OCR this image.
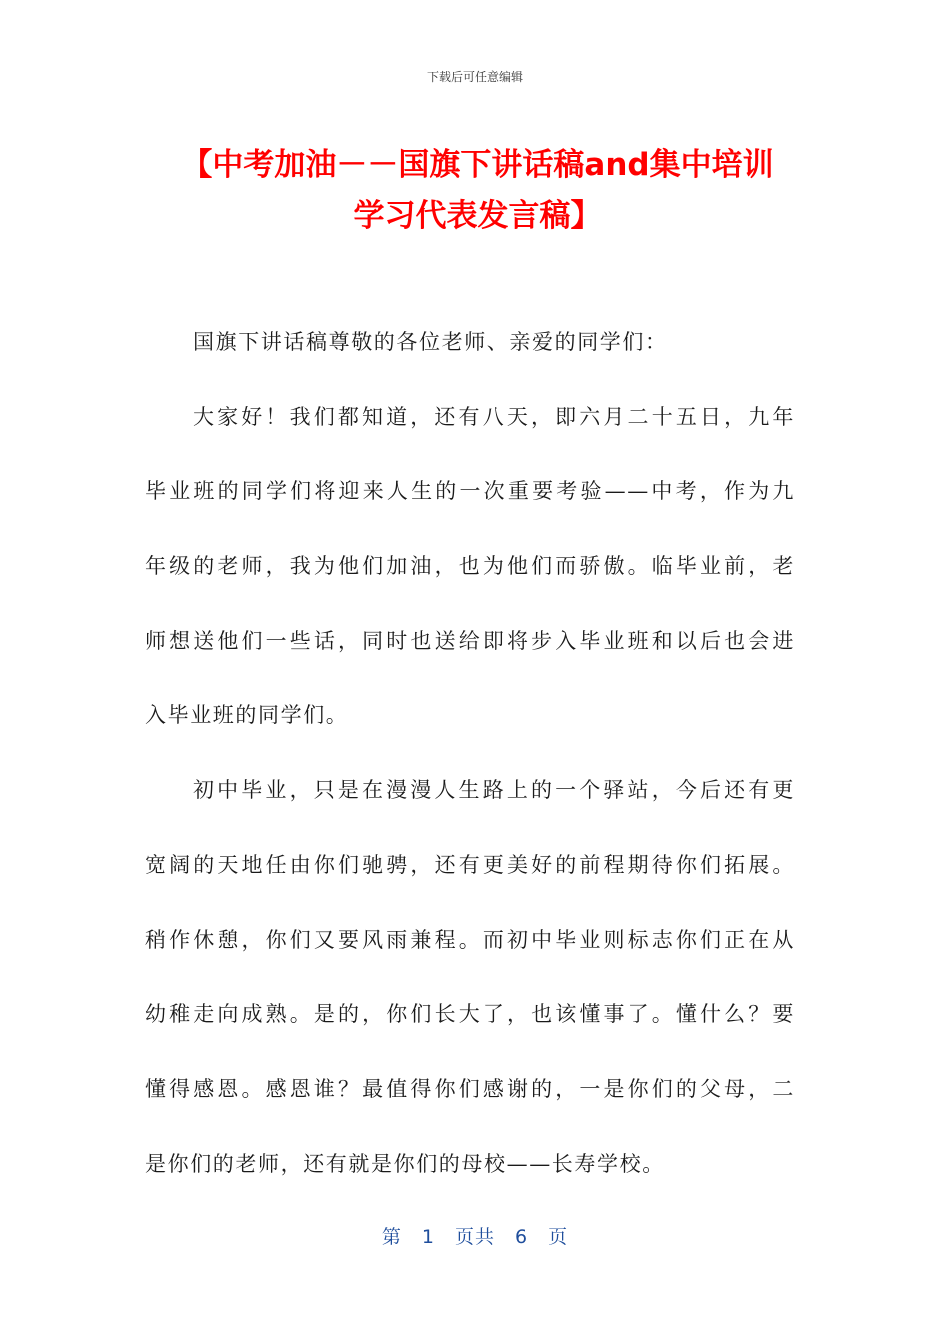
下载后可任意编辑
【中考加油－－国旗下讲话稿and集中培训
学习代表发言稿】
国旗下讲话稿尊敬的各位老师、亲爱的同学们：
大家好！我们都知道，还有八天，即六月二十五日，九年
毕业班的同学们将迎来人生的一次重要考验——中考，作为九
年级的老师，我为他们加油，也为他们而骄傲。临毕业前，老
师想送他们一些话，同时也送给即将步入毕业班和以后也会进
入毕业班的同学们。
初中毕业，只是在漫漫人生路上的一个驿站，今后还有更
宽阔的天地任由你们驰骋，还有更美好的前程期待你们拓展。
稍作休憩，你们又要风雨兼程。而初中毕业则标志你们正在从
幼稚走向成熟。是的，你们长大了，也该懂事了。懂什么？要
懂得感恩。感恩谁？最值得你们感谢的，一是你们的父母，二
是你们的老师，还有就是你们的母校——长寿学校。
第 1 页共 6 页
